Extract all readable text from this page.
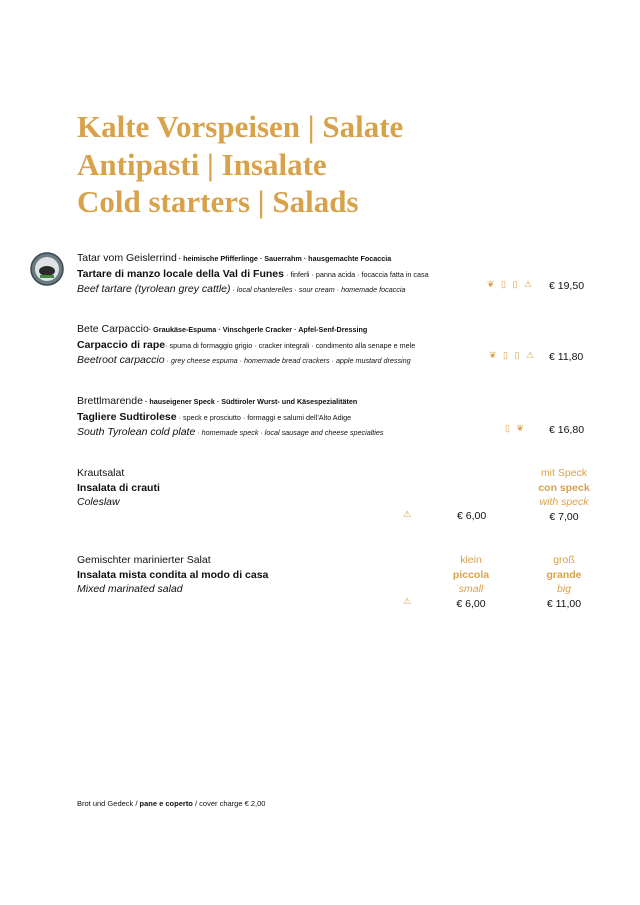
Kalte Vorspeisen | Salate
Antipasti | Insalate
Cold starters | Salads
Tatar vom Geislerrind · heimische Pfifferlinge · Sauerrahm · hausgemachte Focaccia
Tartare di manzo locale della Val di Funes · finferli · panna acida · focaccia fatta in casa
Beef tartare (tyrolean grey cattle) · local chanterelles · sour cream · homemade focaccia
❦ ▯ ▯ ⚠ € 19,50
Bete Carpaccio· Graukäse-Espuma · Vinschgerle Cracker · Apfel-Senf-Dressing
Carpaccio di rape· spuma di formaggio grigio · cracker integrali · condimento alla senape e mele
Beetroot carpaccio · grey cheese espuma · homemade bread crackers · apple mustard dressing
❦ ▯ ▯ ⚠ € 11,80
Brettlmarende · hauseigener Speck · Südtiroler Wurst- und Käsespezialitäten
Tagliere Sudtirolese · speck e prosciutto · formaggi e salumi dell’Alto Adige
South Tyrolean cold plate · homemade speck · local sausage and cheese specialties	▯ ❦ € 16,80
Krautsalat
Insalata di crauti
Coleslaw
⚠	€ 6,00
mit Speck
con speck
with speck
€ 7,00
Gemischter marinierter Salat
Insalata mista condita al modo di casa
Mixed marinated salad
⚠
klein
piccola
small
€ 6,00
groß
grande
big
€ 11,00
Brot und Gedeck / pane e coperto / cover charge € 2,00
